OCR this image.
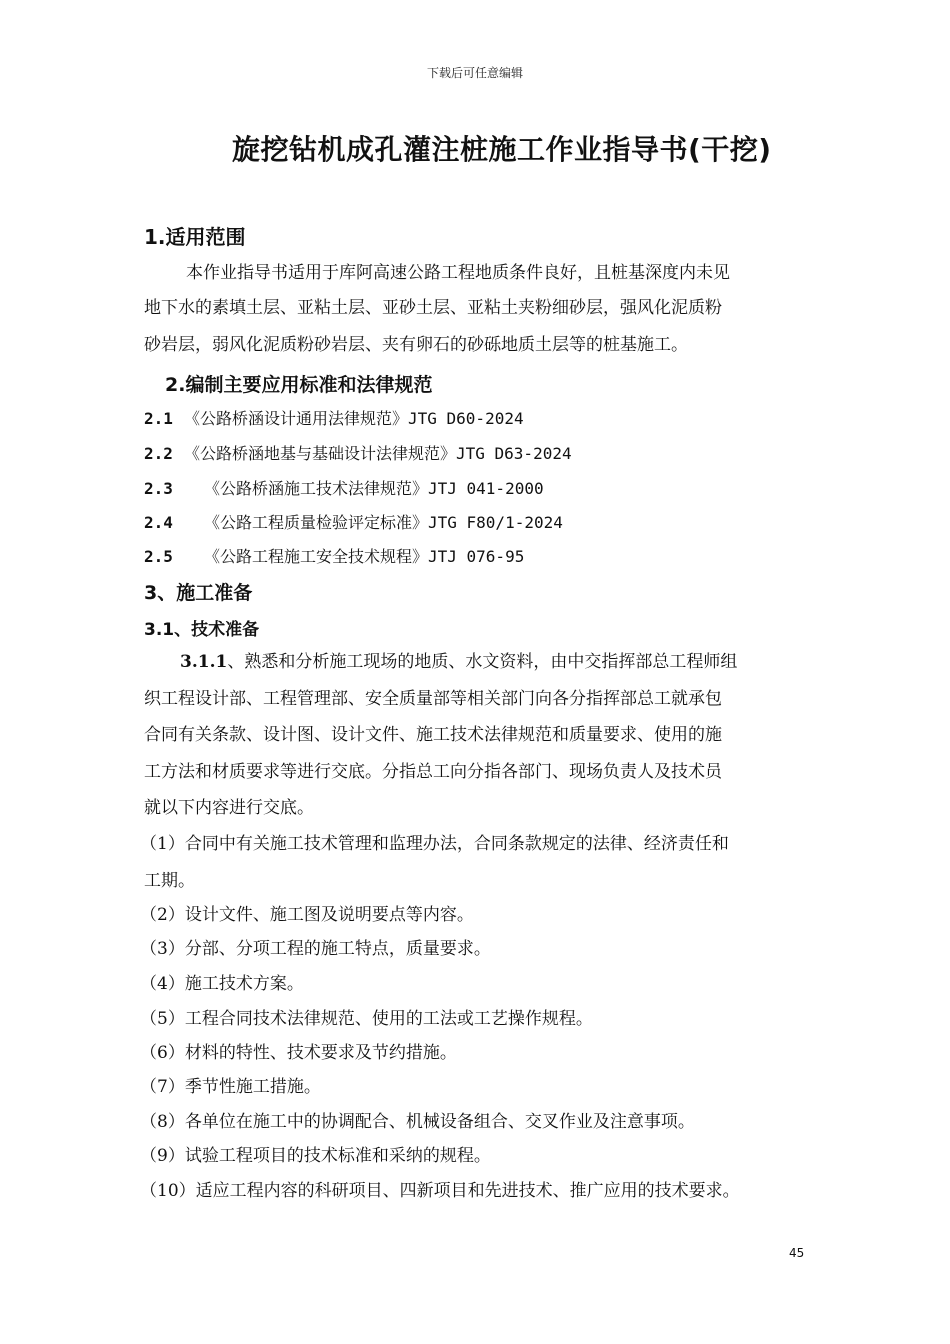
下载后可任意编辑
旋挖钻机成孔灌注桩施工作业指导书(干挖)
1.适用范围
本作业指导书适用于库阿高速公路工程地质条件良好，且桩基深度内未见
地下水的素填土层、亚粘土层、亚砂土层、亚粘土夹粉细砂层，强风化泥质粉
砂岩层，弱风化泥质粉砂岩层、夹有卵石的砂砾地质土层等的桩基施工。
2.编制主要应用标准和法律规范
2.1 《公路桥涵设计通用法律规范》JTG D60-2024
2.2 《公路桥涵地基与基础设计法律规范》JTG D63-2024
2.3 《公路桥涵施工技术法律规范》JTJ 041-2000
2.4 《公路工程质量检验评定标准》JTG F80/1-2024
2.5 《公路工程施工安全技术规程》JTJ 076-95
3、施工准备
3.1、技术准备
3.1.1、熟悉和分析施工现场的地质、水文资料，由中交指挥部总工程师组
织工程设计部、工程管理部、安全质量部等相关部门向各分指挥部总工就承包
合同有关条款、设计图、设计文件、施工技术法律规范和质量要求、使用的施
工方法和材质要求等进行交底。分指总工向分指各部门、现场负责人及技术员
就以下内容进行交底。
（1）合同中有关施工技术管理和监理办法，合同条款规定的法律、经济责任和
工期。
（2）设计文件、施工图及说明要点等内容。
（3）分部、分项工程的施工特点，质量要求。
（4）施工技术方案。
（5）工程合同技术法律规范、使用的工法或工艺操作规程。
（6）材料的特性、技术要求及节约措施。
（7）季节性施工措施。
（8）各单位在施工中的协调配合、机械设备组合、交叉作业及注意事项。
（9）试验工程项目的技术标准和采纳的规程。
（10）适应工程内容的科研项目、四新项目和先进技术、推广应用的技术要求。
45
